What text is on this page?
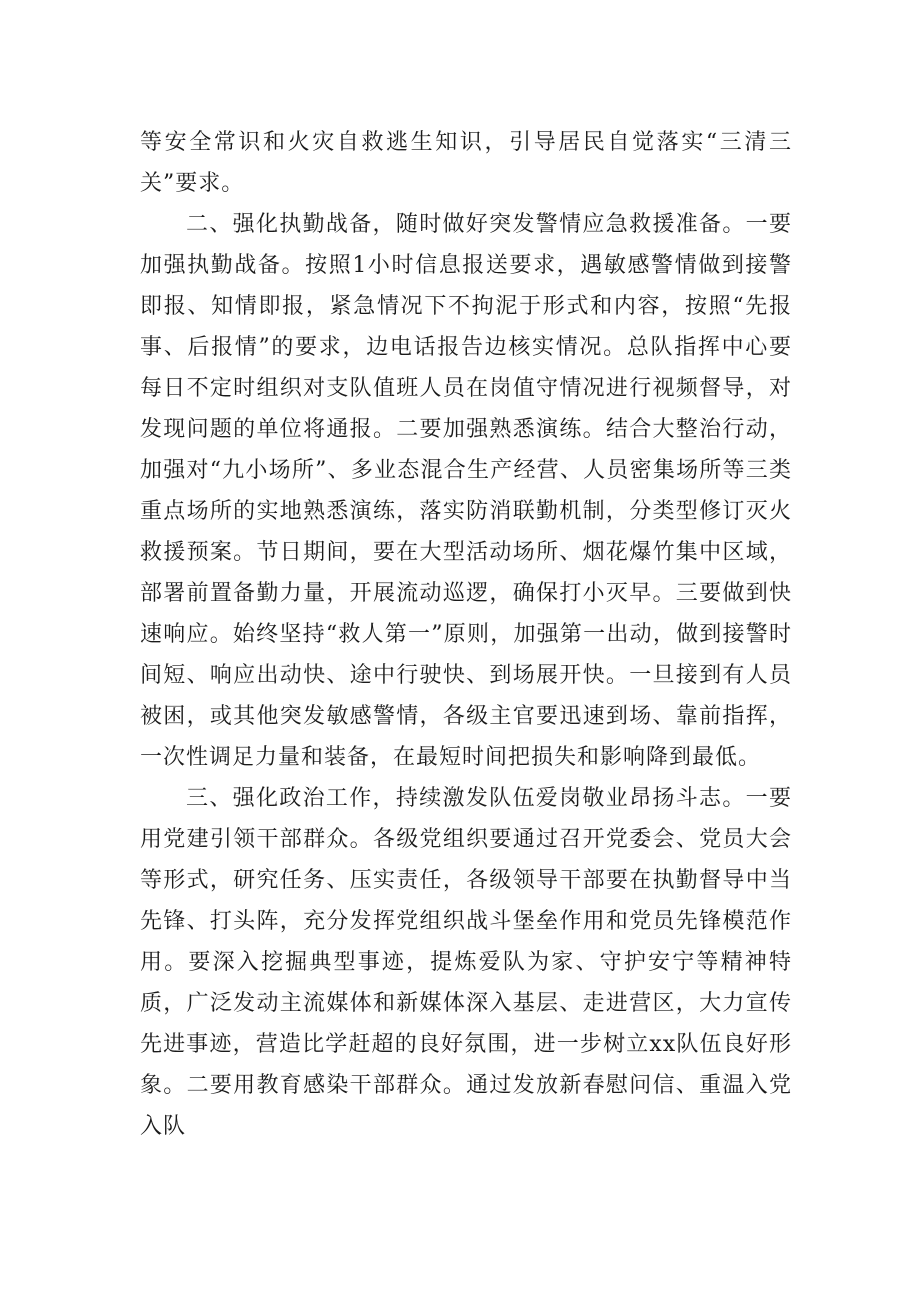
等安全常识和火灾自救逃生知识，引导居民自觉落实“三清三关”要求。

二、强化执勤战备，随时做好突发警情应急救援准备。一要加强执勤战备。按照1小时信息报送要求，遇敏感警情做到接警即报、知情即报，紧急情况下不拘泥于形式和内容，按照“先报事、后报情”的要求，边电话报告边核实情况。总队指挥中心要每日不定时组织对支队值班人员在岗值守情况进行视频督导，对发现问题的单位将通报。二要加强熟悉演练。结合大整治行动，加强对“九小场所”、多业态混合生产经营、人员密集场所等三类重点场所的实地熟悉演练，落实防消联勤机制，分类型修订灭火救援预案。节日期间，要在大型活动场所、烟花爆竹集中区域，部署前置备勤力量，开展流动巡逻，确保打小灭早。三要做到快速响应。始终坚持“救人第一”原则，加强第一出动，做到接警时间短、响应出动快、途中行驶快、到场展开快。一旦接到有人员被困，或其他突发敏感警情，各级主官要迅速到场、靠前指挥，一次性调足力量和装备，在最短时间把损失和影响降到最低。

三、强化政治工作，持续激发队伍爱岗敬业昂扬斗志。一要用党建引领干部群众。各级党组织要通过召开党委会、党员大会等形式，研究任务、压实责任，各级领导干部要在执勤督导中当先锋、打头阵，充分发挥党组织战斗堡垒作用和党员先锋模范作用。要深入挖掘典型事迹，提炼爱队为家、守护安宁等精神特质，广泛发动主流媒体和新媒体深入基层、走进营区，大力宣传先进事迹，营造比学赶超的良好氛围，进一步树立xx队伍良好形象。二要用教育感染干部群众。通过发放新春慰问信、重温入党入队
